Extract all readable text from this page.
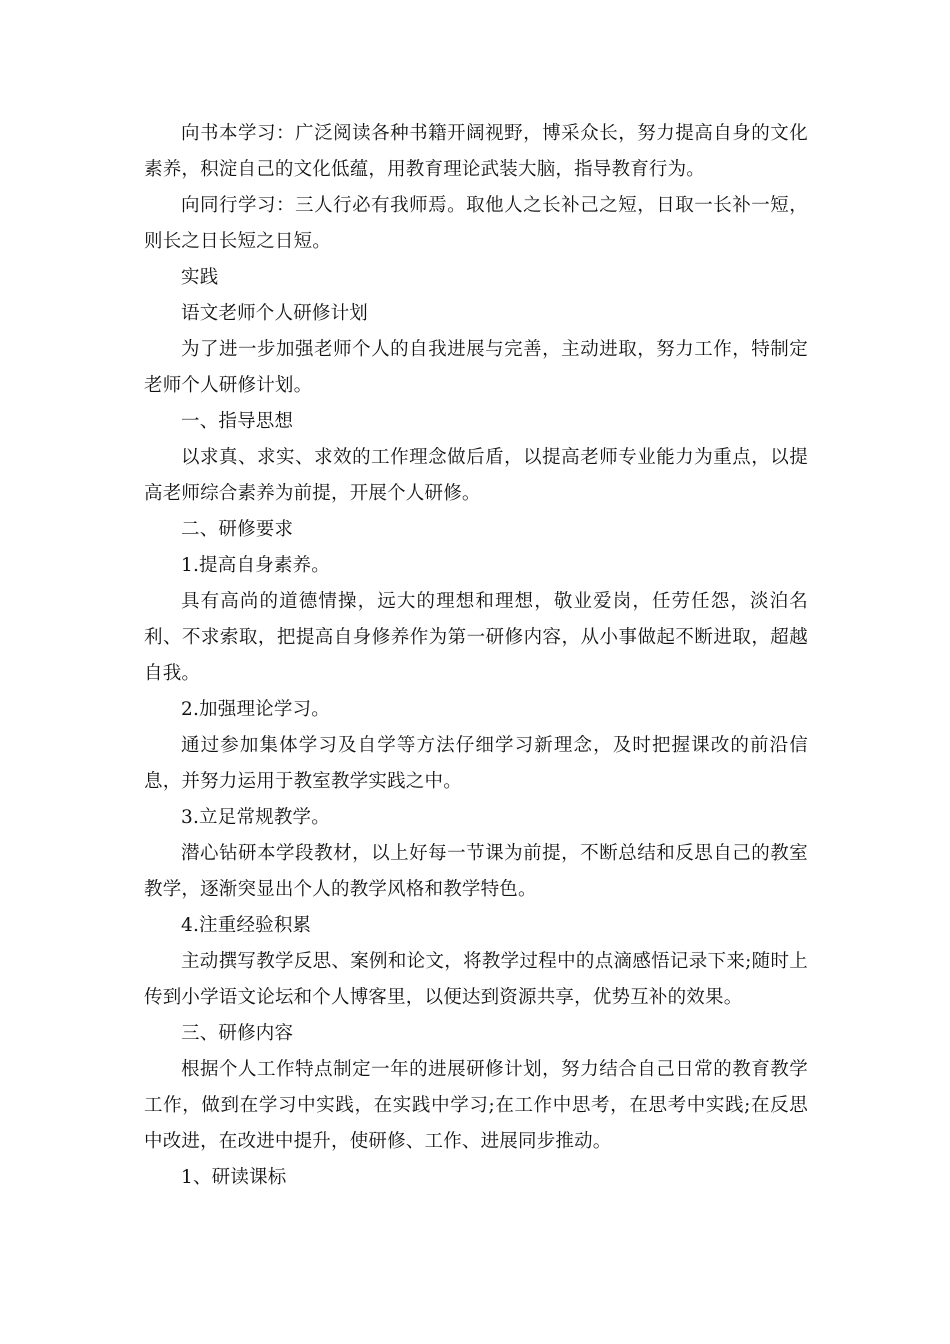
向书本学习：广泛阅读各种书籍开阔视野，博采众长，努力提高自身的文化素养，积淀自己的文化低蕴，用教育理论武装大脑，指导教育行为。

向同行学习：三人行必有我师焉。取他人之长补己之短，日取一长补一短，则长之日长短之日短。

实践

语文老师个人研修计划

为了进一步加强老师个人的自我进展与完善，主动进取，努力工作，特制定老师个人研修计划。

一、指导思想

以求真、求实、求效的工作理念做后盾，以提高老师专业能力为重点，以提高老师综合素养为前提，开展个人研修。

二、研修要求

1.提高自身素养。

具有高尚的道德情操，远大的理想和理想，敬业爱岗，任劳任怨，淡泊名利、不求索取，把提高自身修养作为第一研修内容，从小事做起不断进取，超越自我。

2.加强理论学习。

通过参加集体学习及自学等方法仔细学习新理念，及时把握课改的前沿信息，并努力运用于教室教学实践之中。

3.立足常规教学。

潜心钻研本学段教材，以上好每一节课为前提，不断总结和反思自己的教室教学，逐渐突显出个人的教学风格和教学特色。

4.注重经验积累

主动撰写教学反思、案例和论文，将教学过程中的点滴感悟记录下来;随时上传到小学语文论坛和个人博客里，以便达到资源共享，优势互补的效果。

三、研修内容

根据个人工作特点制定一年的进展研修计划，努力结合自己日常的教育教学工作，做到在学习中实践，在实践中学习;在工作中思考，在思考中实践;在反思中改进，在改进中提升，使研修、工作、进展同步推动。

1、研读课标
